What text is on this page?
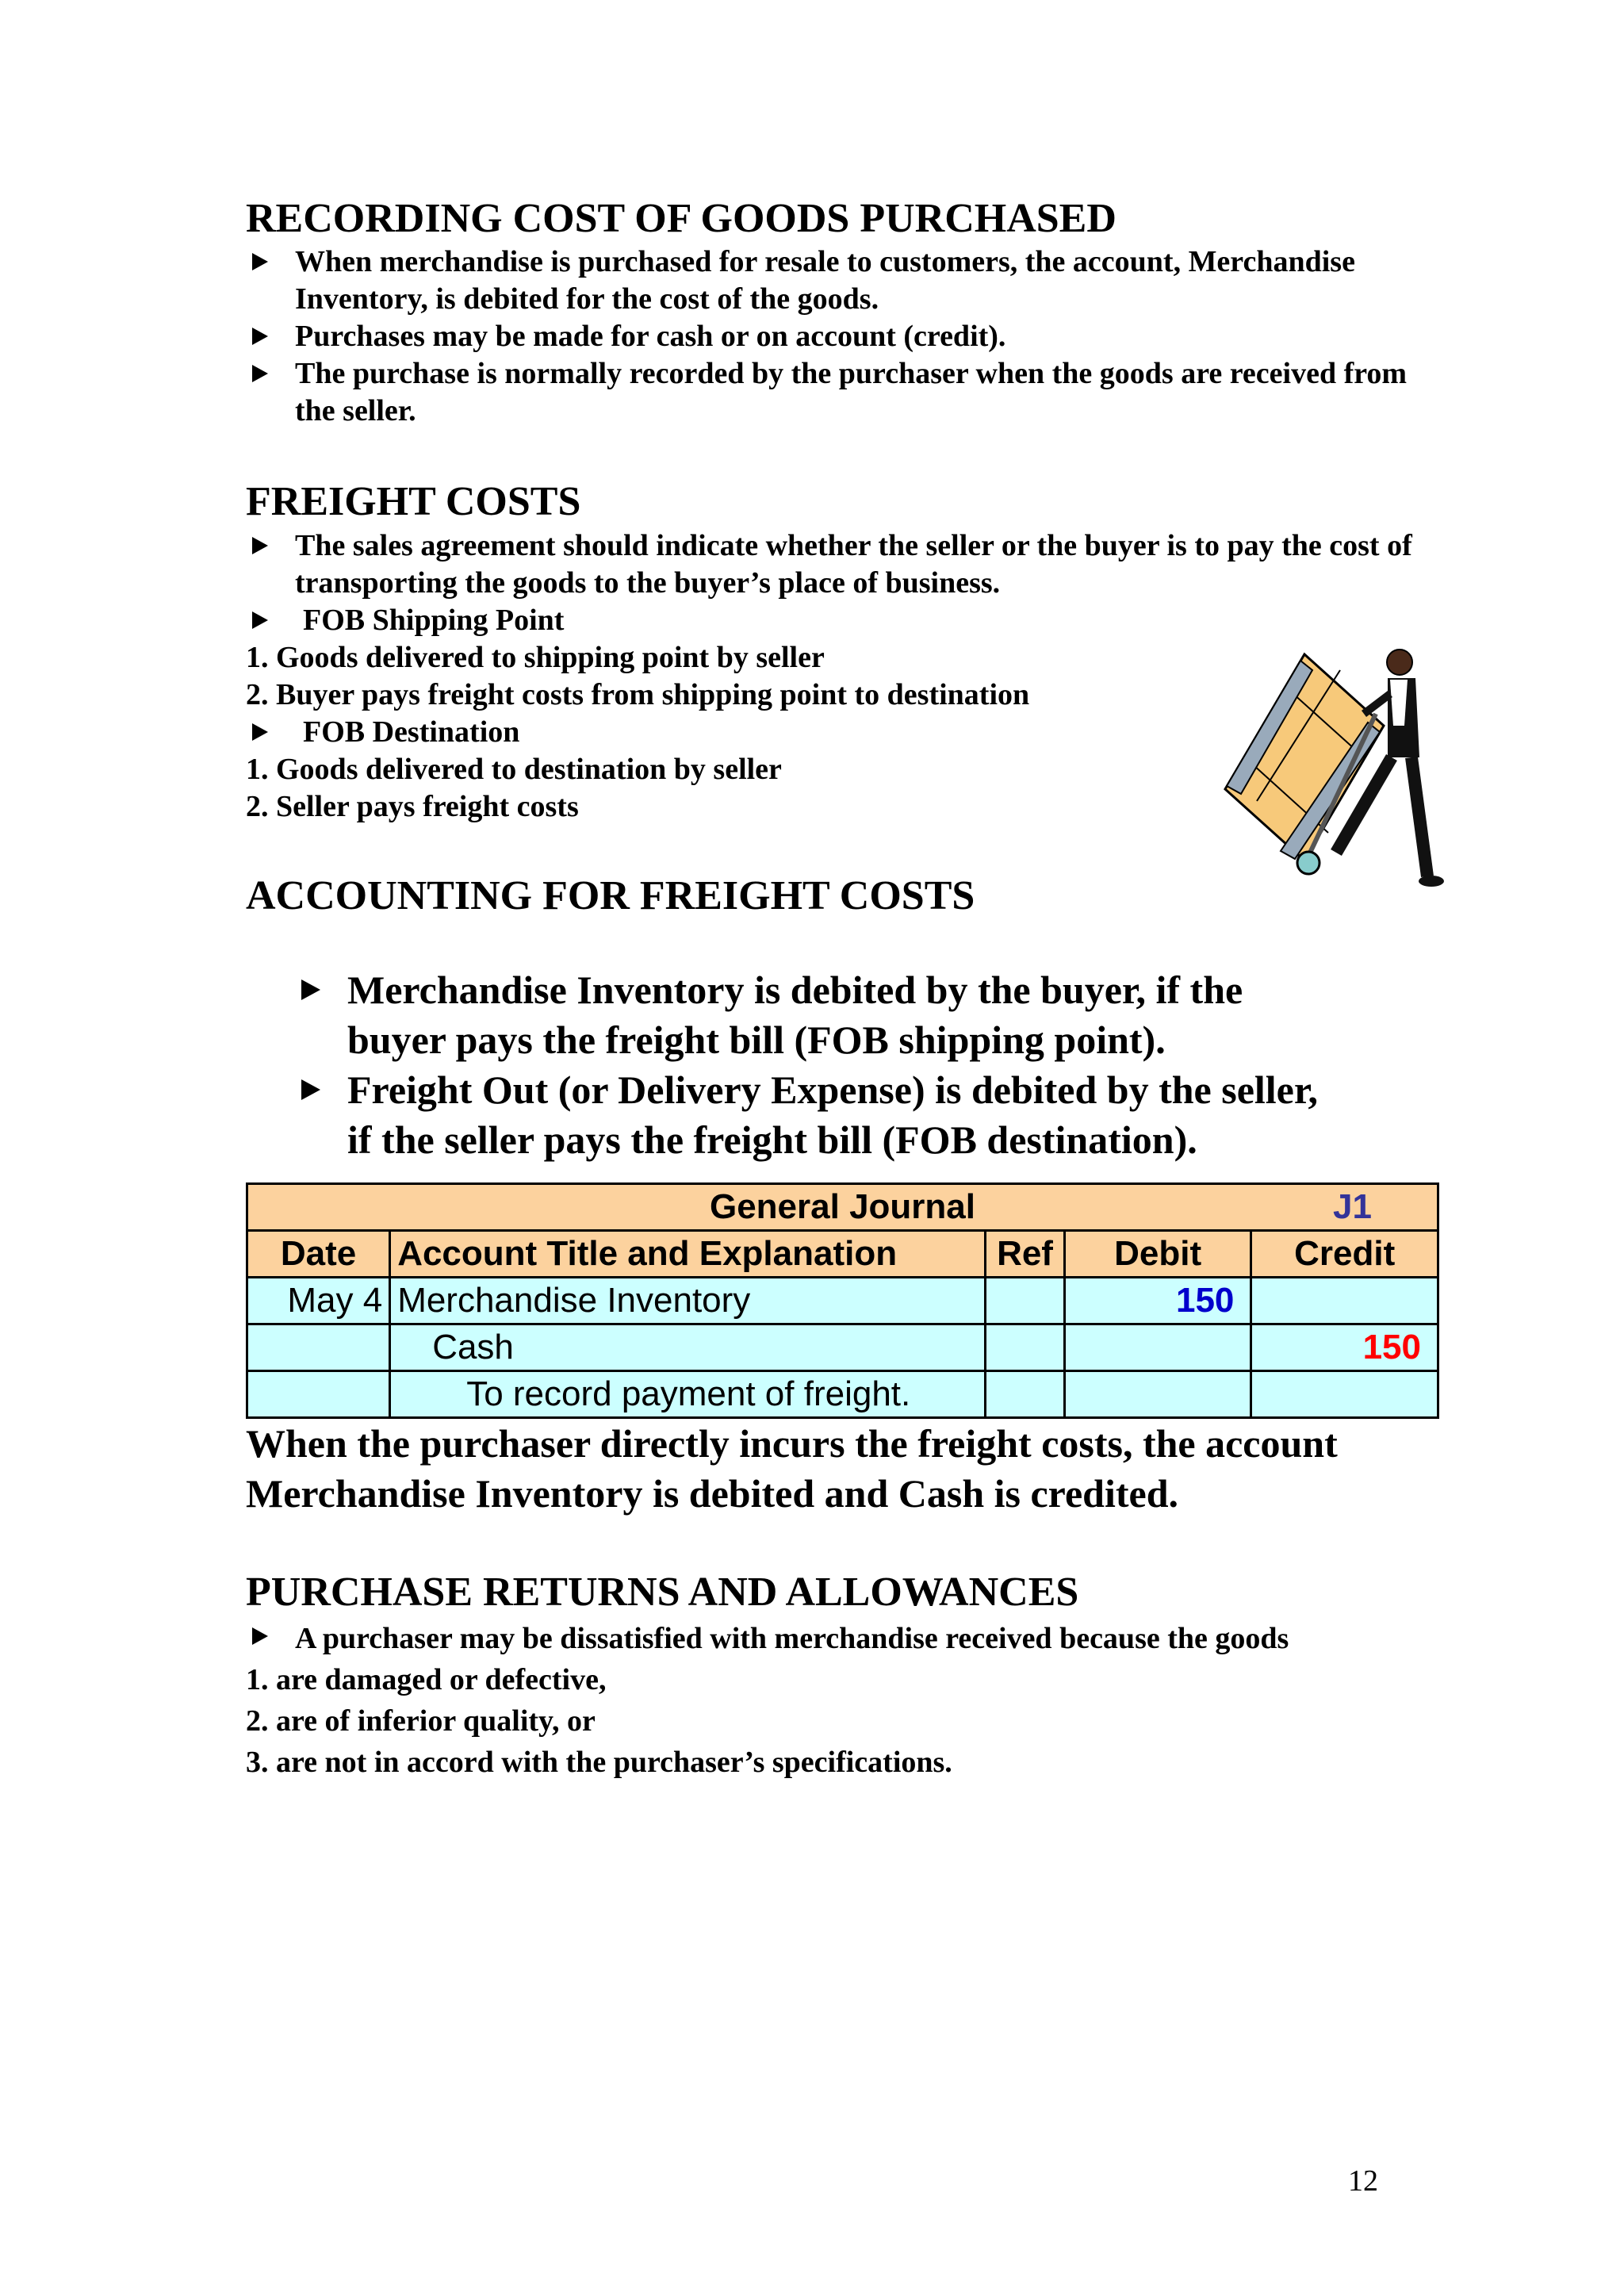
RECORDING COST OF GOODS PURCHASED
When merchandise is purchased for resale to customers, the account, Merchandise Inventory, is debited for the cost of the goods.
Purchases may be made for cash or on account (credit).
The purchase is normally recorded by the purchaser when the goods are received from the seller.
FREIGHT COSTS
The sales agreement should indicate whether the seller or the buyer is to pay the cost of transporting the goods to the buyer’s place of business.
FOB Shipping Point
1. Goods delivered to shipping point by seller
2. Buyer pays freight costs from shipping point to destination
FOB Destination
1. Goods delivered to destination by seller
2. Seller pays freight costs
ACCOUNTING FOR FREIGHT COSTS
Merchandise Inventory is debited by the buyer, if the buyer pays the freight bill (FOB shipping point).
Freight Out (or Delivery Expense) is debited by the seller, if the seller pays the freight bill (FOB destination).
General Journal J1				

Date	Account Title and Explanation	Ref	Debit	Credit
May 4	Merchandise Inventory		150	
	Cash			150
	To record payment of freight.			
When the purchaser directly incurs the freight costs, the account Merchandise Inventory is debited and Cash is credited.
PURCHASE RETURNS AND ALLOWANCES
A purchaser may be dissatisfied with merchandise received because the goods
1. are damaged or defective,
2. are of inferior quality, or
3. are not in accord with the purchaser’s specifications.
12
